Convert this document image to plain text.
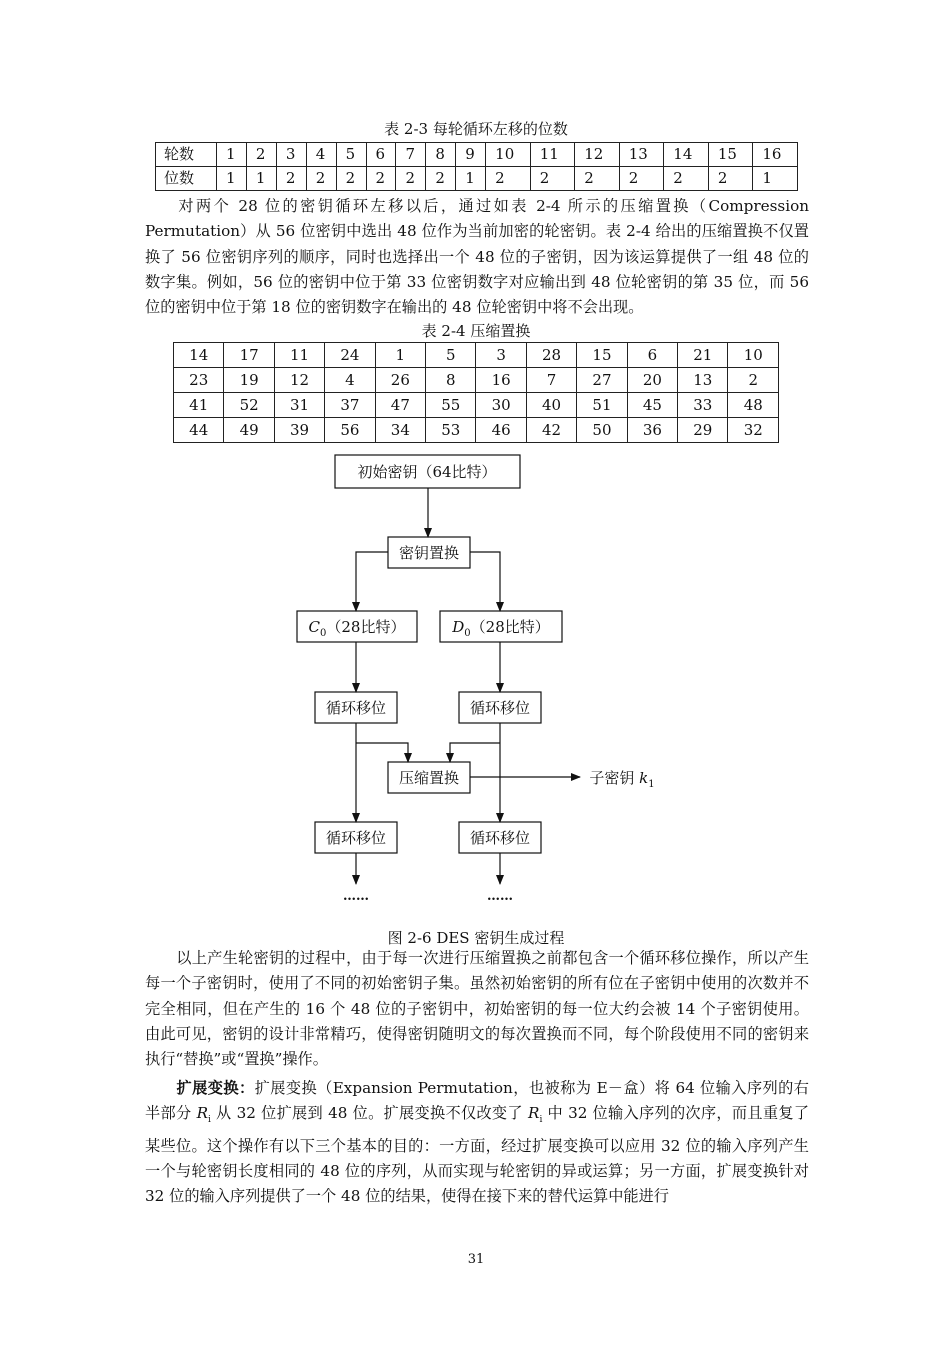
表 2-3 每轮循环左移的位数
轮数	1	2	3	4	5	6	7	8	9	10	11	12	13	14	15	16
位数	1	1	2	2	2	2	2	2	1	2	2	2	2	2	2	1

对两个 28 位的密钥循环左移以后，通过如表 2-4 所示的压缩置换（Compression Permutation）从 56 位密钥中选出 48 位作为当前加密的轮密钥。表 2-4 给出的压缩置换不仅置换了 56 位密钥序列的顺序，同时也选择出一个 48 位的子密钥，因为该运算提供了一组 48 位的数字集。例如，56 位的密钥中位于第 33 位密钥数字对应输出到 48 位轮密钥的第 35 位，而 56 位的密钥中位于第 18 位的密钥数字在输出的 48 位轮密钥中将不会出现。

表 2-4 压缩置换
14	17	11	24	1	5	3	28	15	6	21	10
23	19	12	4	26	8	16	7	27	20	13	2
41	52	31	37	47	55	30	40	51	45	33	48
44	49	39	56	34	53	46	42	50	36	29	32
初始密钥（64比特）
密钥置换
$C_0(28$比特）	$D_0(28$比特）
循环移位	循环移位
压缩置换
循环移位	循环移位
子密钥 $k_1$
……	……
图 2-6 DES 密钥生成过程

以上产生轮密钥的过程中，由于每一次进行压缩置换之前都包含一个循环移位操作，所以产生每一个子密钥时，使用了不同的初始密钥子集。虽然初始密钥的所有位在子密钥中使用的次数并不完全相同，但在产生的 16 个 48 位的子密钥中，初始密钥的每一位大约会被 14 个子密钥使用。由此可见，密钥的设计非常精巧，使得密钥随明文的每次置换而不同，每个阶段使用不同的密钥来执行“替换”或“置换”操作。

扩展变换：扩展变换（Expansion Permutation，也被称为 E－盒）将 64 位输入序列的右半部分 $R_i$ 从 32 位扩展到 48 位。扩展变换不仅改变了 $R_i$ 中 32 位输入序列的次序，而且重复了某些位。这个操作有以下三个基本的目的：一方面，经过扩展变换可以应用 32 位的输入序列产生一个与轮密钥长度相同的 48 位的序列，从而实现与轮密钥的异或运算；另一方面，扩展变换针对 32 位的输入序列提供了一个 48 位的结果，使得在接下来的替代运算中能进行

31
